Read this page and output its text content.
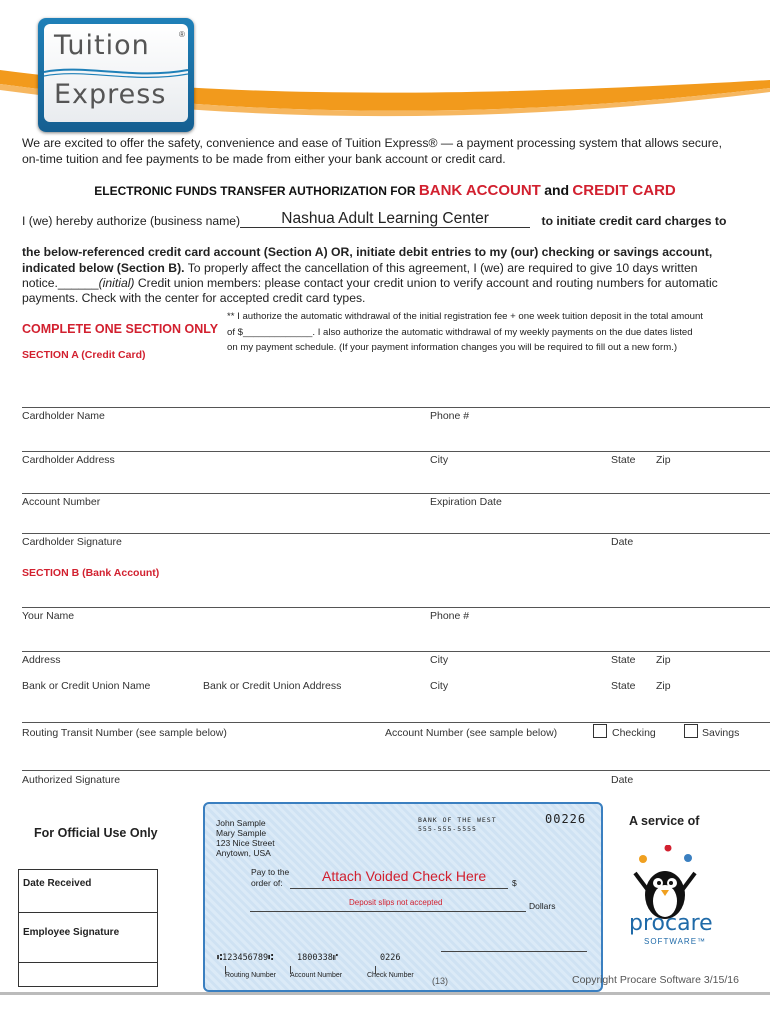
Tuition	®
Express
We are excited to offer the safety, convenience and ease of Tuition Express® — a payment processing system that allows secure,
on-time tuition and fee payments to be made from either your bank account or credit card.
ELECTRONIC FUNDS TRANSFER AUTHORIZATION FOR BANK ACCOUNT and CREDIT CARD
I (we) hereby authorize (business name)	Nashua Adult Learning Center	to initiate credit card charges to
the below-referenced credit card account (Section A) OR, initiate debit entries to my (our) checking or savings account,
indicated below (Section B). To properly affect the cancellation of this agreement, I (we) are required to give 10 days written
notice.______(initial) Credit union members: please contact your credit union to verify account and routing numbers for automatic
payments. Check with the center for accepted credit card types.
COMPLETE ONE SECTION ONLY
** I authorize the automatic withdrawal of the initial registration fee + one week tuition deposit in the total amount
of $_____________. I also authorize the automatic withdrawal of my weekly payments on the due dates listed
on my payment schedule. (If your payment information changes you will be required to fill out a new form.)
SECTION A (Credit Card)
Cardholder Name	Phone #
Cardholder Address	City	State Zip
Account Number	Expiration Date
Cardholder Signature	Date
SECTION B (Bank Account)
Your Name	Phone #
Address	City	State Zip
Bank or Credit Union Name	Bank or Credit Union Address	City	State Zip
Routing Transit Number (see sample below)	Account Number (see sample below)	Checking	Savings
Authorized Signature	Date
For Official Use Only
Date Received
Employee Signature
John Sample
Mary Sample
123 Nice Street
Anytown, USA
BANK OF THE WEST
555-555-5555
00226
Pay to the
order of:	Attach Voided Check Here	$
Deposit slips not accepted	Dollars
⑆123456789⑆	1800338⑈	0226
Routing Number Account Number	Check Number
A service of
procare
SOFTWARE™
(13)	Copyright Procare Software 3/15/16
